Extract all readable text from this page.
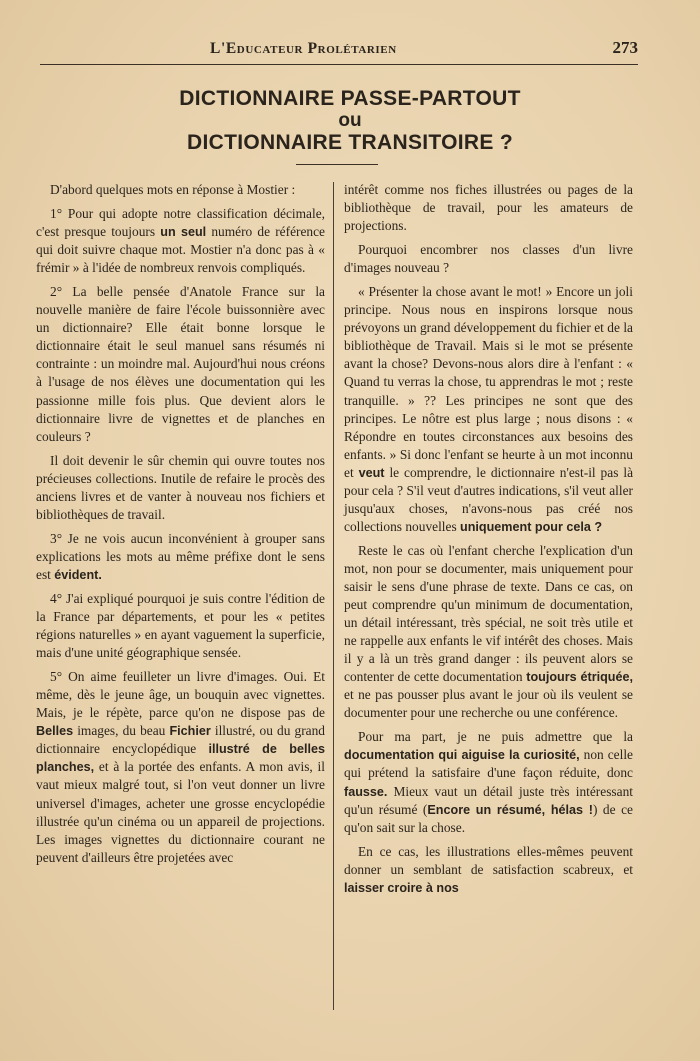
L'Educateur Prolétarien	273
DICTIONNAIRE PASSE-PARTOUT
ou
DICTIONNAIRE TRANSITOIRE ?

D'abord quelques mots en réponse à Mostier :

1° Pour qui adopte notre classification décimale, c'est presque toujours un seul numéro de référence qui doit suivre chaque mot. Mostier n'a donc pas à « frémir » à l'idée de nombreux renvois compliqués.

2° La belle pensée d'Anatole France sur la nouvelle manière de faire l'école buissonnière avec un dictionnaire? Elle était bonne lorsque le dictionnaire était le seul manuel sans résumés ni contrainte : un moindre mal. Aujourd'hui nous créons à l'usage de nos élèves une documentation qui les passionne mille fois plus. Que devient alors le dictionnaire livre de vignettes et de planches en couleurs ?

Il doit devenir le sûr chemin qui ouvre toutes nos précieuses collections. Inutile de refaire le procès des anciens livres et de vanter à nouveau nos fichiers et bibliothèques de travail.

3° Je ne vois aucun inconvénient à grouper sans explications les mots au même préfixe dont le sens est évident.

4° J'ai expliqué pourquoi je suis contre l'édition de la France par départements, et pour les « petites régions naturelles » en ayant vaguement la superficie, mais d'une unité géographique sensée.

5° On aime feuilleter un livre d'images. Oui. Et même, dès le jeune âge, un bouquin avec vignettes. Mais, je le répète, parce qu'on ne dispose pas de Belles images, du beau Fichier illustré, ou du grand dictionnaire encyclopédique illustré de belles planches, et à la portée des enfants. A mon avis, il vaut mieux malgré tout, si l'on veut donner un livre universel d'images, acheter une grosse encyclopédie illustrée qu'un cinéma ou un appareil de projections. Les images vignettes du dictionnaire courant ne peuvent d'ailleurs être projetées avec

intérêt comme nos fiches illustrées ou pages de la bibliothèque de travail, pour les amateurs de projections.

Pourquoi encombrer nos classes d'un livre d'images nouveau ?

« Présenter la chose avant le mot! » Encore un joli principe. Nous nous en inspirons lorsque nous prévoyons un grand développement du fichier et de la bibliothèque de Travail. Mais si le mot se présente avant la chose? Devons-nous alors dire à l'enfant : « Quand tu verras la chose, tu apprendras le mot ; reste tranquille. » ?? Les principes ne sont que des principes. Le nôtre est plus large ; nous disons : « Répondre en toutes circonstances aux besoins des enfants. » Si donc l'enfant se heurte à un mot inconnu et veut le comprendre, le dictionnaire n'est-il pas là pour cela ? S'il veut d'autres indications, s'il veut aller jusqu'aux choses, n'avons-nous pas créé nos collections nouvelles uniquement pour cela ?

Reste le cas où l'enfant cherche l'explication d'un mot, non pour se documenter, mais uniquement pour saisir le sens d'une phrase de texte. Dans ce cas, on peut comprendre qu'un minimum de documentation, un détail intéressant, très spécial, ne soit très utile et ne rappelle aux enfants le vif intérêt des choses. Mais il y a là un très grand danger : ils peuvent alors se contenter de cette documentation toujours étriquée, et ne pas pousser plus avant le jour où ils veulent se documenter pour une recherche ou une conférence.

Pour ma part, je ne puis admettre que la documentation qui aiguise la curiosité, non celle qui prétend la satisfaire d'une façon réduite, donc fausse. Mieux vaut un détail juste très intéressant qu'un résumé (Encore un résumé, hélas !) de ce qu'on sait sur la chose.

En ce cas, les illustrations elles-mêmes peuvent donner un semblant de satisfaction scabreux, et laisser croire à nos
